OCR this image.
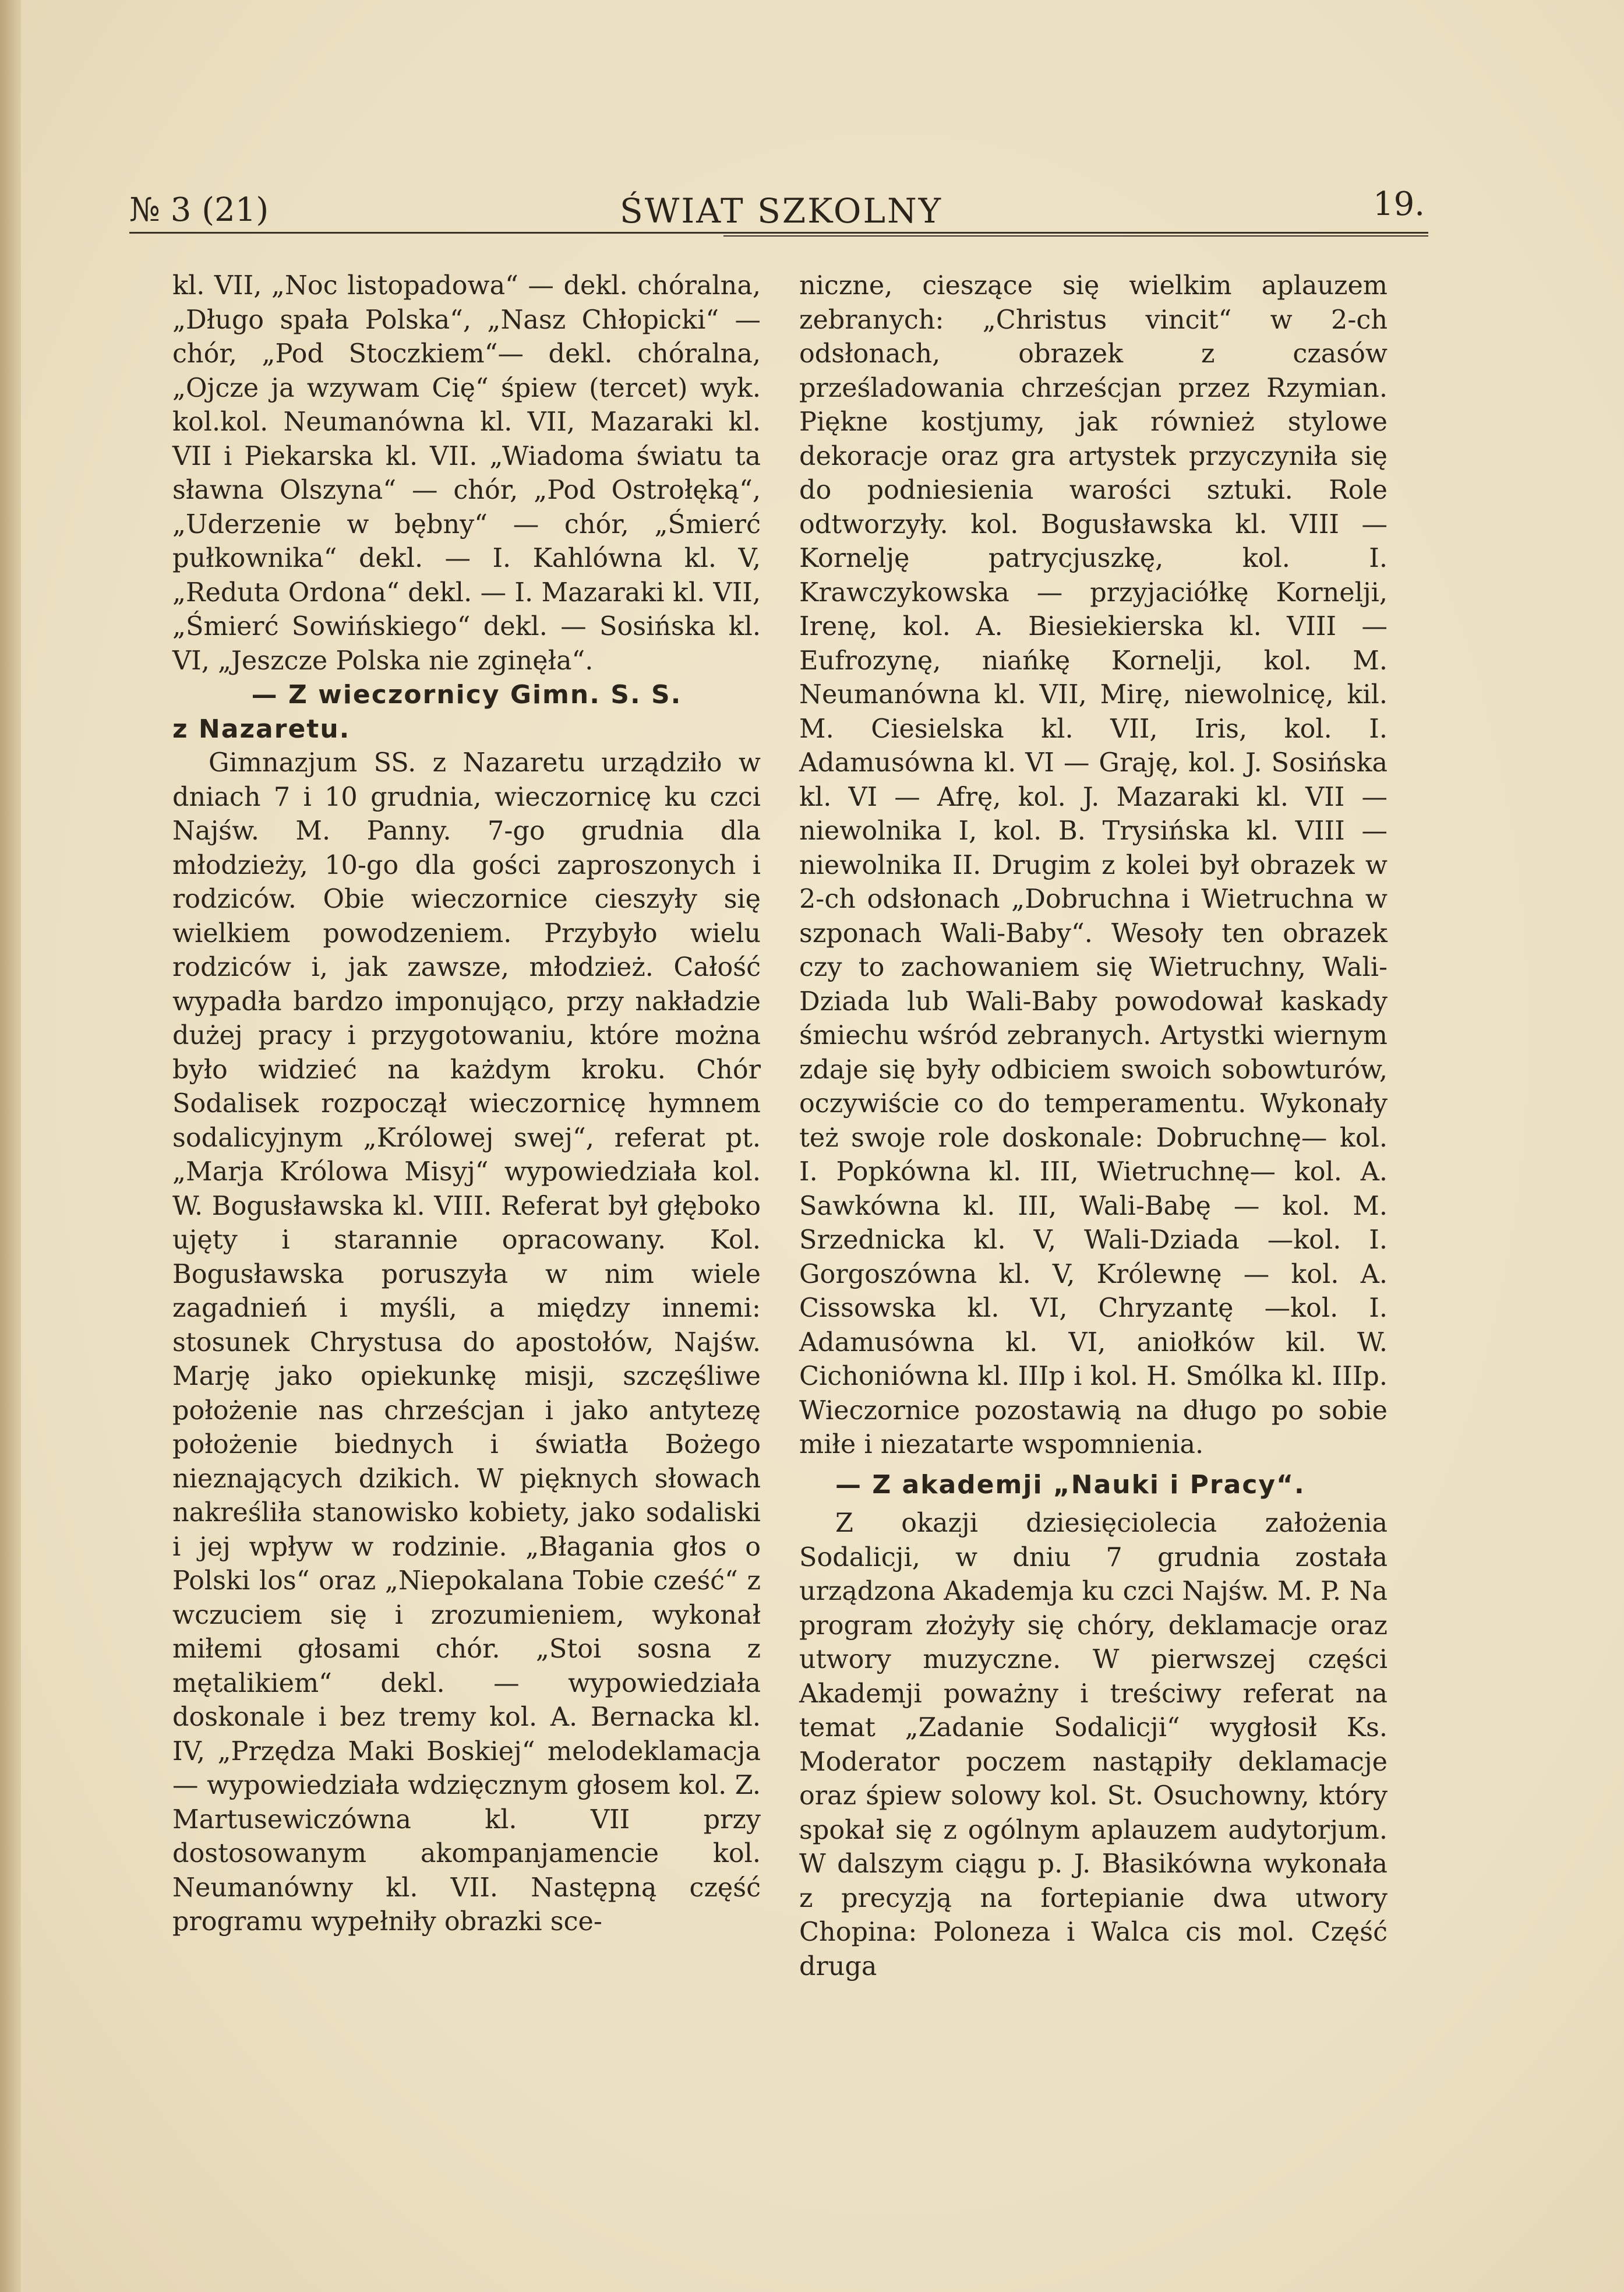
№ 3 (21)	ŚWIAT SZKOLNY	19.

kl. VII, „Noc listopadowa“ — dekl. chóralna, „Długo spała Polska“, „Nasz Chłopicki“ — chór, „Pod Stoczkiem“— dekl. chóralna, „Ojcze ja wzywam Cię“ śpiew (tercet) wyk. kol.kol. Neumanówna kl. VII, Mazaraki kl. VII i Piekarska kl. VII. „Wiadoma światu ta sławna Olszyna“ — chór, „Pod Ostrołęką“, „Uderzenie w bębny“ — chór, „Śmierć pułkownika“ dekl. — I. Kahlówna kl. V, „Reduta Ordona“ dekl. — I. Mazaraki kl. VII, „Śmierć Sowińskiego“ dekl. — Sosińska kl. VI, „Jeszcze Polska nie zginęła“.

— Z wieczornicy Gimn. S. S.

z Nazaretu.

Gimnazjum SS. z Nazaretu urządziło w dniach 7 i 10 grudnia, wieczornicę ku czci Najśw. M. Panny. 7-go grudnia dla młodzieży, 10-go dla gości zaproszonych i rodziców. Obie wieczornice cieszyły się wielkiem powodzeniem. Przybyło wielu rodziców i, jak zawsze, młodzież. Całość wypadła bardzo imponująco, przy nakładzie dużej pracy i przygotowaniu, które można było widzieć na każdym kroku. Chór Sodalisek rozpoczął wieczornicę hymnem sodalicyjnym „Królowej swej“, referat pt. „Marja Królowa Misyj“ wypowiedziała kol. W. Bogusławska kl. VIII. Referat był głęboko ujęty i starannie opracowany. Kol. Bogusławska poruszyła w nim wiele zagadnień i myśli, a między innemi: stosunek Chrystusa do apostołów, Najśw. Marję jako opiekunkę misji, szczęśliwe położenie nas chrześcjan i jako antytezę położenie biednych i światła Bożego nieznających dzikich. W pięknych słowach nakreśliła stanowisko kobiety, jako sodaliski i jej wpływ w rodzinie. „Błagania głos o Polski los“ oraz „Niepokalana Tobie cześć“ z wczuciem się i zrozumieniem, wykonał miłemi głosami chór. „Stoi sosna z mętalikiem“ dekl. — wypowiedziała doskonale i bez tremy kol. A. Bernacka kl. IV, „Przędza Maki Boskiej“ melodeklamacja — wypowiedziała wdzięcznym głosem kol. Z. Martusewiczówna kl. VII przy dostosowanym akompanjamencie kol. Neumanówny kl. VII. Następną część programu wypełniły obrazki sce-

niczne, cieszące się wielkim aplauzem zebranych: „Christus vincit“ w 2-ch odsłonach, obrazek z czasów prześladowania chrześcjan przez Rzymian. Piękne kostjumy, jak również stylowe dekoracje oraz gra artystek przyczyniła się do podniesienia warości sztuki. Role odtworzyły. kol. Bogusławska kl. VIII — Kornelję patrycjuszkę, kol. I. Krawczykowska — przyjaciółkę Kornelji, Irenę, kol. A. Biesiekierska kl. VIII — Eufrozynę, niańkę Kornelji, kol. M. Neumanówna kl. VII, Mirę, niewolnicę, kil. M. Ciesielska kl. VII, Iris, kol. I. Adamusówna kl. VI — Graję, kol. J. Sosińska kl. VI — Afrę, kol. J. Mazaraki kl. VII — niewolnika I, kol. B. Trysińska kl. VIII — niewolnika II. Drugim z kolei był obrazek w 2-ch odsłonach „Dobruchna i Wietruchna w szponach Wali-Baby“. Wesoły ten obrazek czy to zachowaniem się Wietruchny, Wali-Dziada lub Wali-Baby powodował kaskady śmiechu wśród zebranych. Artystki wiernym zdaje się były odbiciem swoich sobowturów, oczywiście co do temperamentu. Wykonały też swoje role doskonale: Dobruchnę— kol. I. Popkówna kl. III, Wietruchnę— kol. A. Sawkówna kl. III, Wali-Babę — kol. M. Srzednicka kl. V, Wali-Dziada —kol. I. Gorgoszówna kl. V, Królewnę — kol. A. Cissowska kl. VI, Chryzantę —kol. I. Adamusówna kl. VI, aniołków kil. W. Cichoniówna kl. IIIp i kol. H. Smólka kl. IIIp. Wieczornice pozostawią na długo po sobie miłe i niezatarte wspomnienia.

— Z akademji „Nauki i Pracy“.

Z okazji dziesięciolecia założenia Sodalicji, w dniu 7 grudnia została urządzona Akademja ku czci Najśw. M. P. Na program złożyły się chóry, deklamacje oraz utwory muzyczne. W pierwszej części Akademji poważny i treściwy referat na temat „Zadanie Sodalicji“ wygłosił Ks. Moderator poczem nastąpiły deklamacje oraz śpiew solowy kol. St. Osuchowny, który spokał się z ogólnym aplauzem audytorjum. W dalszym ciągu p. J. Błasikówna wykonała z precyzją na fortepianie dwa utwory Chopina: Poloneza i Walca cis mol. Część druga
